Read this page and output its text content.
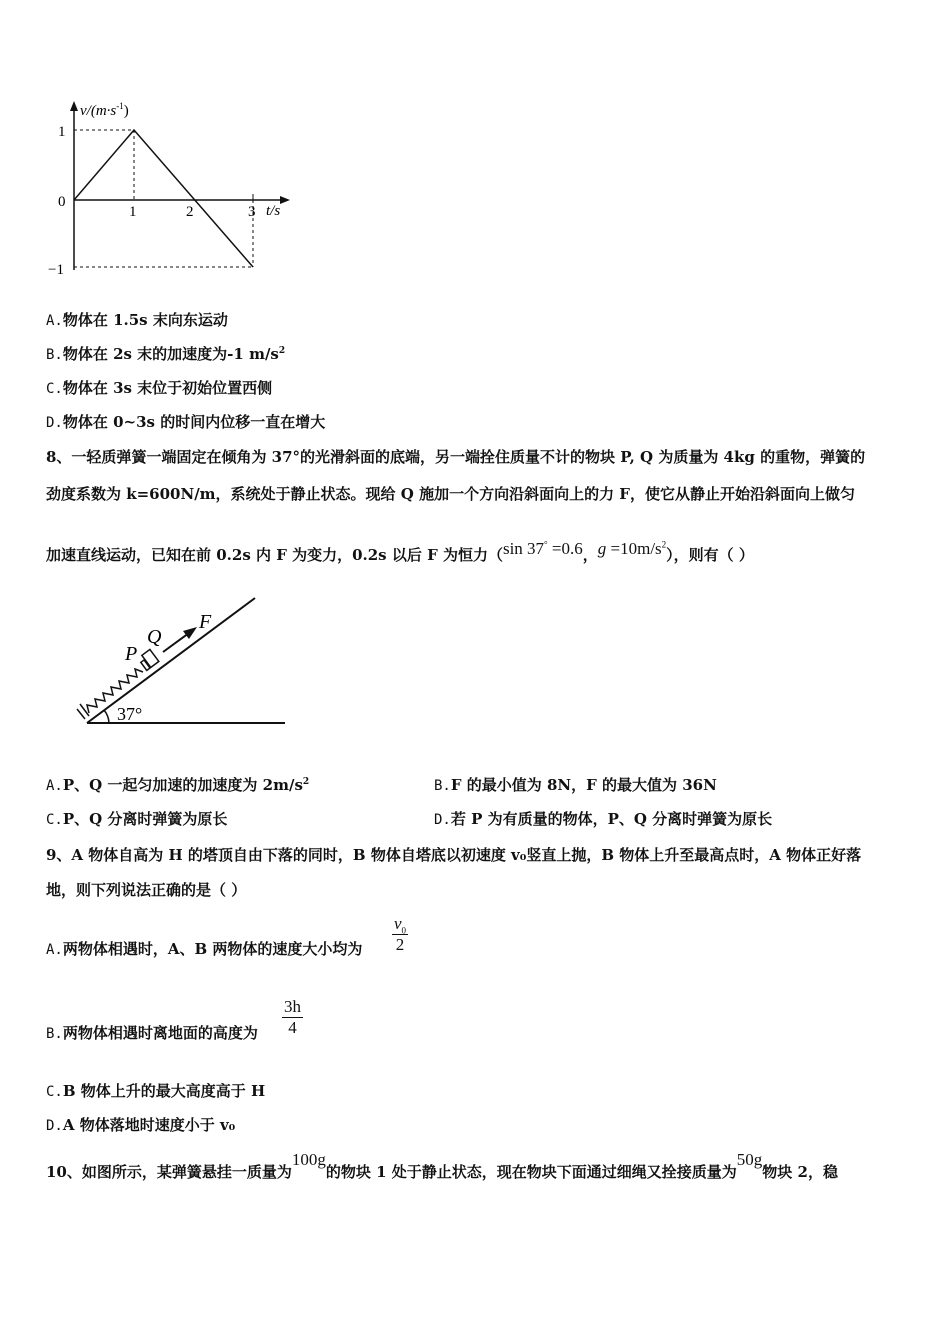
$v/(m\cdot s^{-1})$
t/s
1
0
−1
1	2	3
A.物体在 1.5s 末向东运动
B.物体在 2s 末的加速度为-1 $m/s^2$
C.物体在 3s 末位于初始位置西侧
D.物体在 0~3s 的时间内位移一直在增大
8、一轻质弹簧一端固定在倾角为 37°的光滑斜面的底端，另一端拴住质量不计的物块 P, Q 为质量为 4kg 的重物，弹簧的
劲度系数为 k=600N/m，系统处于静止状态。现给 Q 施加一个方向沿斜面向上的力 F，使它从静止开始沿斜面向上做匀
加速直线运动，已知在前 0.2s 内 F 为变力，0.2s 以后 F 为恒力（sin 37° =0.6，$g =10m/s^2$），则有（ ）
F
Q
P
37°
A.P、Q 一起匀加速的加速度为 $2m/s^2$	B.F 的最小值为 8N，F 的最大值为 36N
C.P、Q 分离时弹簧为原长	D.若 P 为有质量的物体，P、Q 分离时弹簧为原长
9、A 物体自高为 H 的塔顶自由下落的同时，B 物体自塔底以初速度 v₀竖直上抛，B 物体上升至最高点时，A 物体正好落
地，则下列说法正确的是（ ）
A.两物体相遇时，A、B 两物体的速度大小均为
$v_0$
2
B.两物体相遇时离地面的高度为
3h
4
C.B 物体上升的最大高度高于 H
D.A 物体落地时速度小于 v₀
10、如图所示，某弹簧悬挂一质量为100g的物块 1 处于静止状态，现在物块下面通过细绳又拴接质量为50g物块 2，稳
